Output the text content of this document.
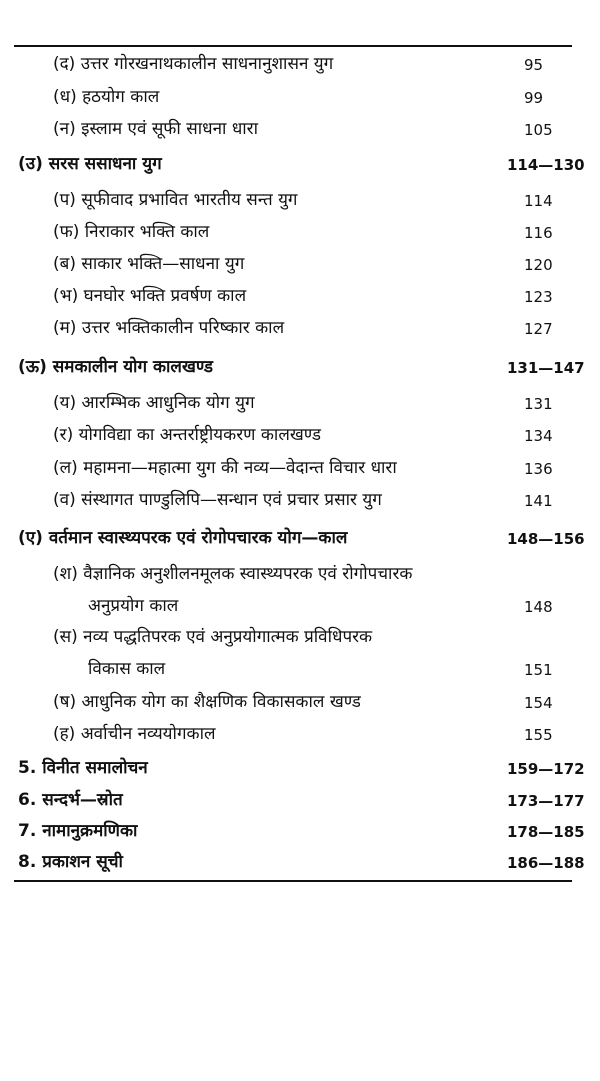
(द) उत्तर गोरखनाथकालीन साधनानुशासन युग	95
(ध) हठयोग काल	99
(न) इस्लाम एवं सूफी साधना धारा	105
(उ) सरस ससाधना युग	114—130
(प) सूफीवाद प्रभावित भारतीय सन्त युग	114
(फ) निराकार भक्ति काल	116
(ब) साकार भक्ति—साधना युग	120
(भ) घनघोर भक्ति प्रवर्षण काल	123
(म) उत्तर भक्तिकालीन परिष्कार काल	127
(ऊ) समकालीन योग कालखण्ड	131—147
(य) आरम्भिक आधुनिक योग युग	131
(र) योगविद्या का अन्तर्राष्ट्रीयकरण कालखण्ड	134
(ल) महामना—महात्मा युग की नव्य—वेदान्त विचार धारा	136
(व) संस्थागत पाण्डुलिपि—सन्धान एवं प्रचार प्रसार युग	141
(ए) वर्तमान स्वास्थ्यपरक एवं रोगोपचारक योग—काल	148—156
(श) वैज्ञानिक अनुशीलनमूलक स्वास्थ्यपरक एवं रोगोपचारक
अनुप्रयोग काल	148
(स) नव्य पद्धतिपरक एवं अनुप्रयोगात्मक प्रविधिपरक
विकास काल	151
(ष) आधुनिक योग का शैक्षणिक विकासकाल खण्ड	154
(ह) अर्वाचीन नव्ययोगकाल	155
5. विनीत समालोचन	159—172
6. सन्दर्भ—स्रोत	173—177
7. नामानुक्रमणिका	178—185
8. प्रकाशन सूची	186—188
